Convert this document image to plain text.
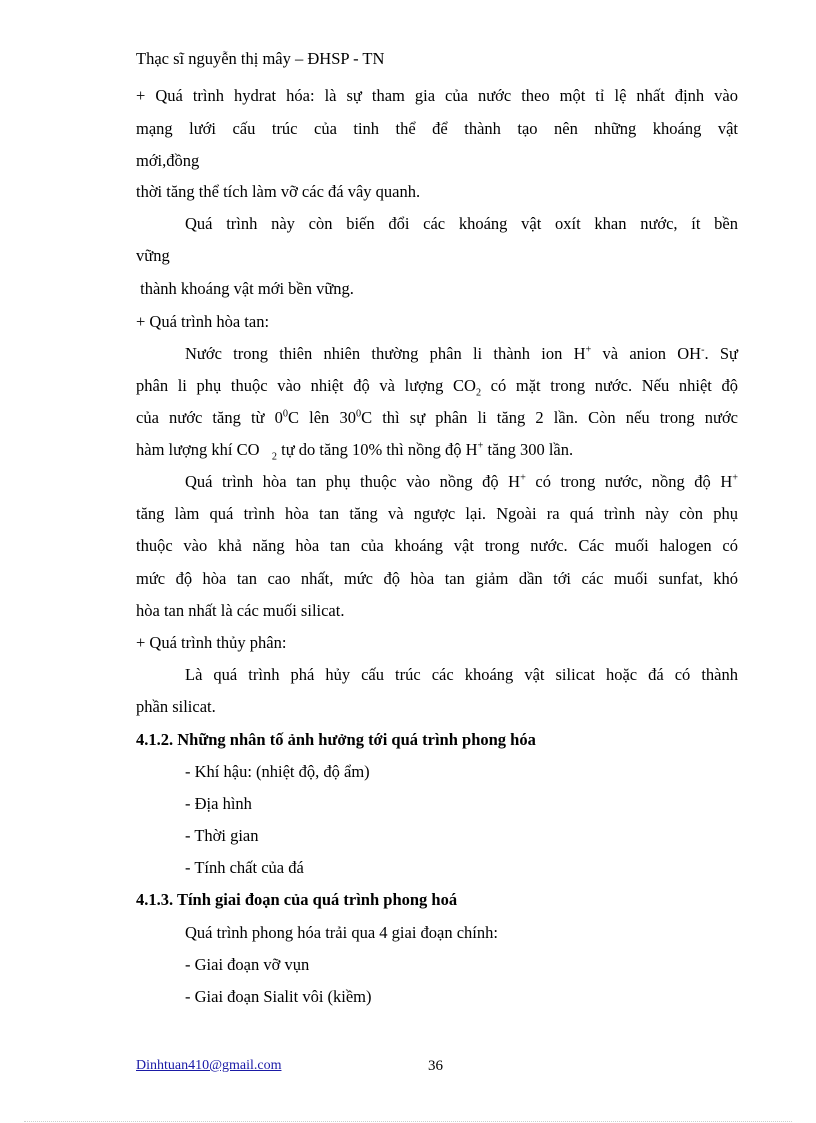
Thạc sĩ nguyễn thị mây – ĐHSP - TN
+ Quá trình hydrat hóa: là sự tham gia của nước theo một tỉ lệ nhất định vào
mạng lưới cấu trúc của tinh thể để thành tạo nên những khoáng vật
mới,đồng
thời tăng thể tích làm vỡ các đá vây quanh.
Quá trình này còn biến đổi các khoáng vật oxít khan nước, ít bền
vững
thành khoáng vật mới bền vững.
+ Quá trình hòa tan:
Nước trong thiên nhiên thường phân li thành ion H+ và anion OH-. Sự
phân li phụ thuộc vào nhiệt độ và lượng $CO_2$ có mặt trong nước. Nếu nhiệt độ
của nước tăng từ $0^0C$ lên $30^0C$ thì sự phân li tăng 2 lần. Còn nếu trong nước
hàm lượng khí CO $_2$ tự do tăng 10% thì nồng độ H+ tăng 300 lần.
Quá trình hòa tan phụ thuộc vào nồng độ H+ có trong nước, nồng độ H+
tăng làm quá trình hòa tan tăng và ngược lại. Ngoài ra quá trình này còn phụ
thuộc vào khả năng hòa tan của khoáng vật trong nước. Các muối halogen có
mức độ hòa tan cao nhất, mức độ hòa tan giảm dần tới các muối sunfat, khó
hòa tan nhất là các muối silicat.
+ Quá trình thủy phân:
Là quá trình phá hủy cấu trúc các khoáng vật silicat hoặc đá có thành
phần silicat.
4.1.2. Những nhân tố ảnh hưởng tới quá trình phong hóa
- Khí hậu: (nhiệt độ, độ ẩm)
- Địa hình
- Thời gian
- Tính chất của đá
4.1.3. Tính giai đoạn của quá trình phong hoá
Quá trình phong hóa trải qua 4 giai đoạn chính:
- Giai đoạn vỡ vụn
- Giai đoạn Sialit vôi (kiềm)
Dinhtuan410@gmail.com	36
